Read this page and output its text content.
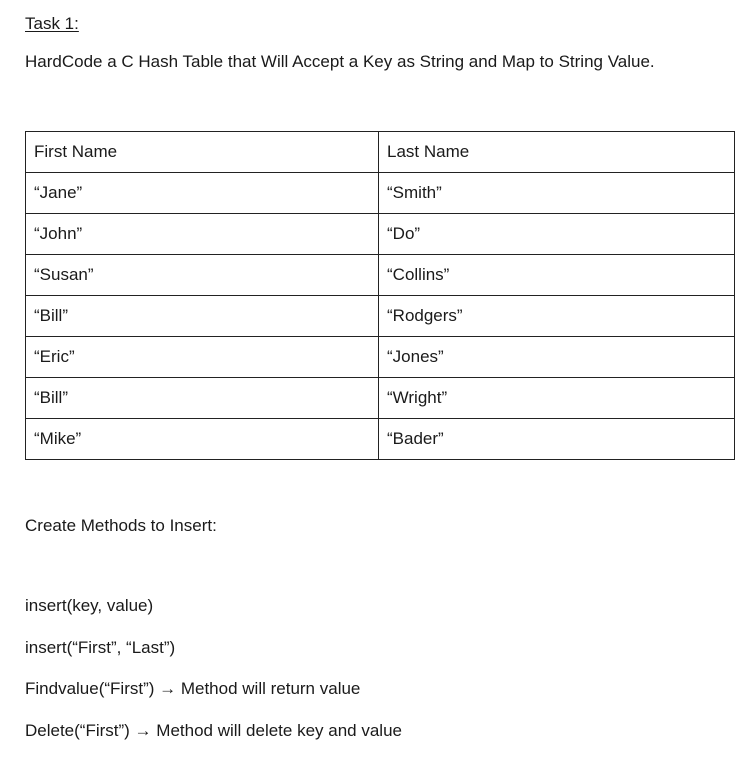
Task 1:
HardCode a C Hash Table that Will Accept a Key as String and Map to String Value.
First Name	Last Name
“Jane”	“Smith”
“John”	“Do”
“Susan”	“Collins”
“Bill”	“Rodgers”
“Eric”	“Jones”
“Bill”	“Wright”
“Mike”	“Bader”
Create Methods to Insert:
insert(key, value)
insert(“First”, “Last”)
Findvalue(“First”) → Method will return value
Delete(“First”) → Method will delete key and value
